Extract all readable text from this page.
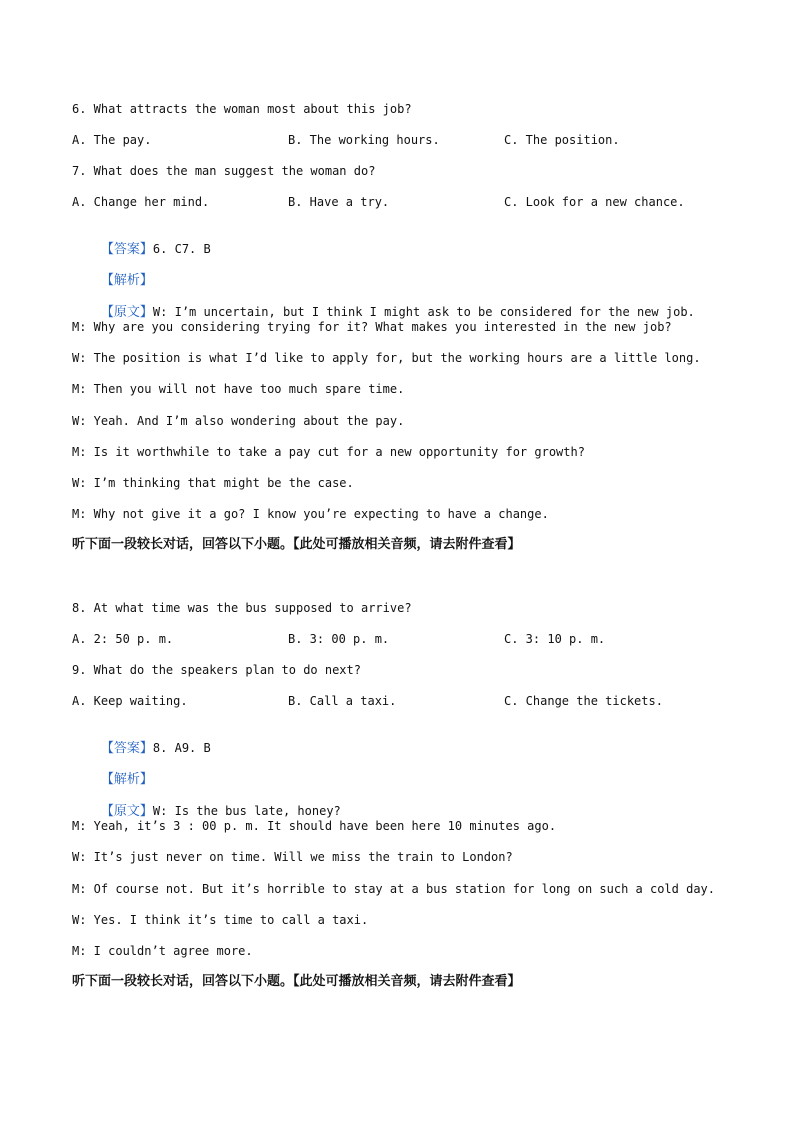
6. What attracts the woman most about this job?
A. The pay.	B. The working hours.	C. The position.
7. What does the man suggest the woman do?
A. Change her mind.	B. Have a try.	C. Look for a new chance.

【答案】6. C7. B

【解析】

【原文】W: I’m uncertain, but I think I might ask to be considered for the new job.

M: Why are you considering trying for it? What makes you interested in the new job?
W: The position is what I’d like to apply for, but the working hours are a little long.
M: Then you will not have too much spare time.
W: Yeah. And I’m also wondering about the pay.
M: Is it worthwhile to take a pay cut for a new opportunity for growth?
W: I’m thinking that might be the case.
M: Why not give it a go? I know you’re expecting to have a change.
听下面一段较长对话，回答以下小题。【此处可播放相关音频，请去附件查看】
8. At what time was the bus supposed to arrive?
A. 2: 50 p. m.	B. 3: 00 p. m.	C. 3: 10 p. m.
9. What do the speakers plan to do next?
A. Keep waiting.	B. Call a taxi.	C. Change the tickets.

【答案】8. A9. B

【解析】

【原文】W: Is the bus late, honey?

M: Yeah, it’s 3 : 00 p. m. It should have been here 10 minutes ago.
W: It’s just never on time. Will we miss the train to London?
M: Of course not. But it’s horrible to stay at a bus station for long on such a cold day.
W: Yes. I think it’s time to call a taxi.
M: I couldn’t agree more.
听下面一段较长对话，回答以下小题。【此处可播放相关音频，请去附件查看】
